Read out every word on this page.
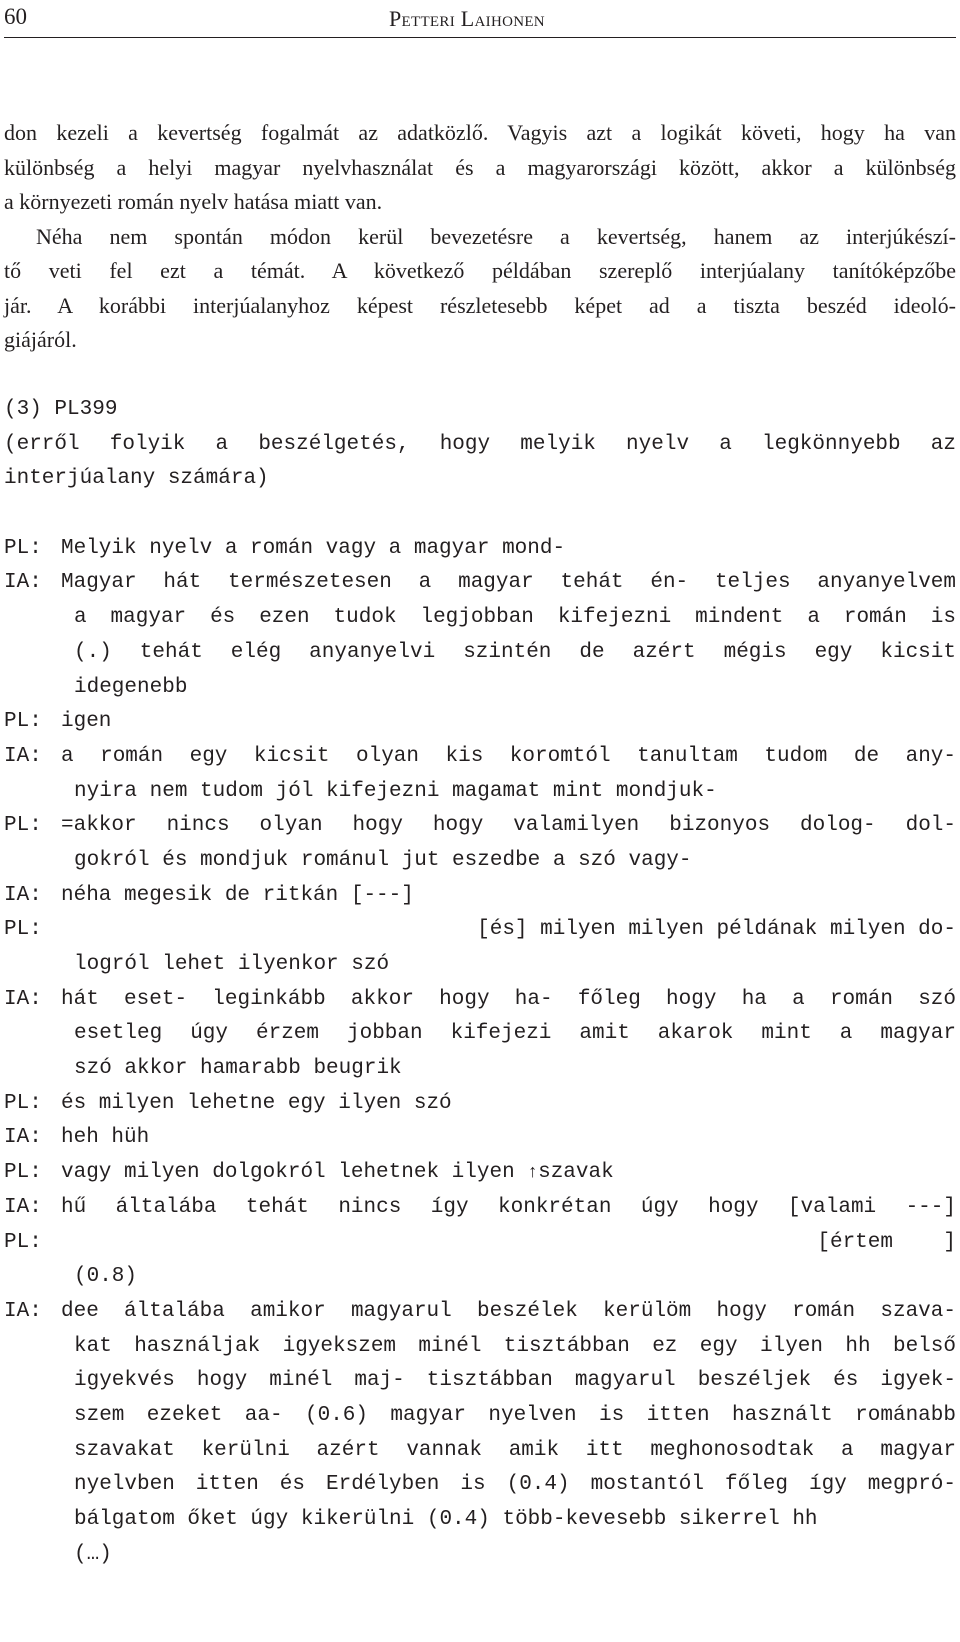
60	Petteri Laihonen
don kezeli a kevertség fogalmát az adatközlő. Vagyis azt a logikát követi, hogy ha van
különbség a helyi magyar nyelvhasználat és a magyarországi között, akkor a különbség
a környezeti román nyelv hatása miatt van.
Néha nem spontán módon kerül bevezetésre a kevertség, hanem az interjúkészí-
tő veti fel ezt a témát. A következő példában szereplő interjúalany tanítóképzőbe
jár. A korábbi interjúalanyhoz képest részletesebb képet ad a tiszta beszéd ideoló-
giájáról.

(3) PL399

(erről folyik a beszélgetés, hogy melyik nyelv a legkönnyebb az

interjúalany számára)

PL:

Melyik nyelv a román vagy a magyar mond-

IA:

Magyar hát természetesen a magyar tehát én- teljes anyanyelvem

a magyar és ezen tudok legjobban kifejezni mindent a román is

(.) tehát elég anyanyelvi szintén de azért mégis egy kicsit

idegenebb

PL:

igen

IA:

a román egy kicsit olyan kis koromtól tanultam tudom de any-

nyira nem tudom jól kifejezni magamat mint mondjuk-

PL:

=akkor nincs olyan hogy hogy valamilyen bizonyos dolog- dol-

gokról és mondjuk románul jut eszedbe a szó vagy-

IA:

néha megesik de ritkán [---]

PL:

	[és] milyen milyen példának milyen do-

logról lehet ilyenkor szó

IA:

hát eset- leginkább akkor hogy ha- főleg hogy ha a román szó

esetleg úgy érzem jobban kifejezi amit akarok mint a magyar

szó akkor hamarabb beugrik

PL:

és milyen lehetne egy ilyen szó

IA:

heh hüh

PL:

vagy milyen dolgokról lehetnek ilyen ↑szavak

IA:

hű általába tehát nincs így konkrétan úgy hogy [valami ---]

PL:

	[értem    ]

(0.8)

IA:

dee általába amikor magyarul beszélek kerülöm hogy román szava-

kat használjak igyekszem minél tisztábban ez egy ilyen hh belső

igyekvés hogy minél maj- tisztábban magyarul beszéljek és igyek-

szem ezeket aa- (0.6) magyar nyelven is itten használt románabb

szavakat kerülni azért vannak amik itt meghonosodtak a magyar

nyelvben itten és Erdélyben is (0.4) mostantól főleg így megpró-

bálgatom őket úgy kikerülni (0.4) több-kevesebb sikerrel hh

(…)
